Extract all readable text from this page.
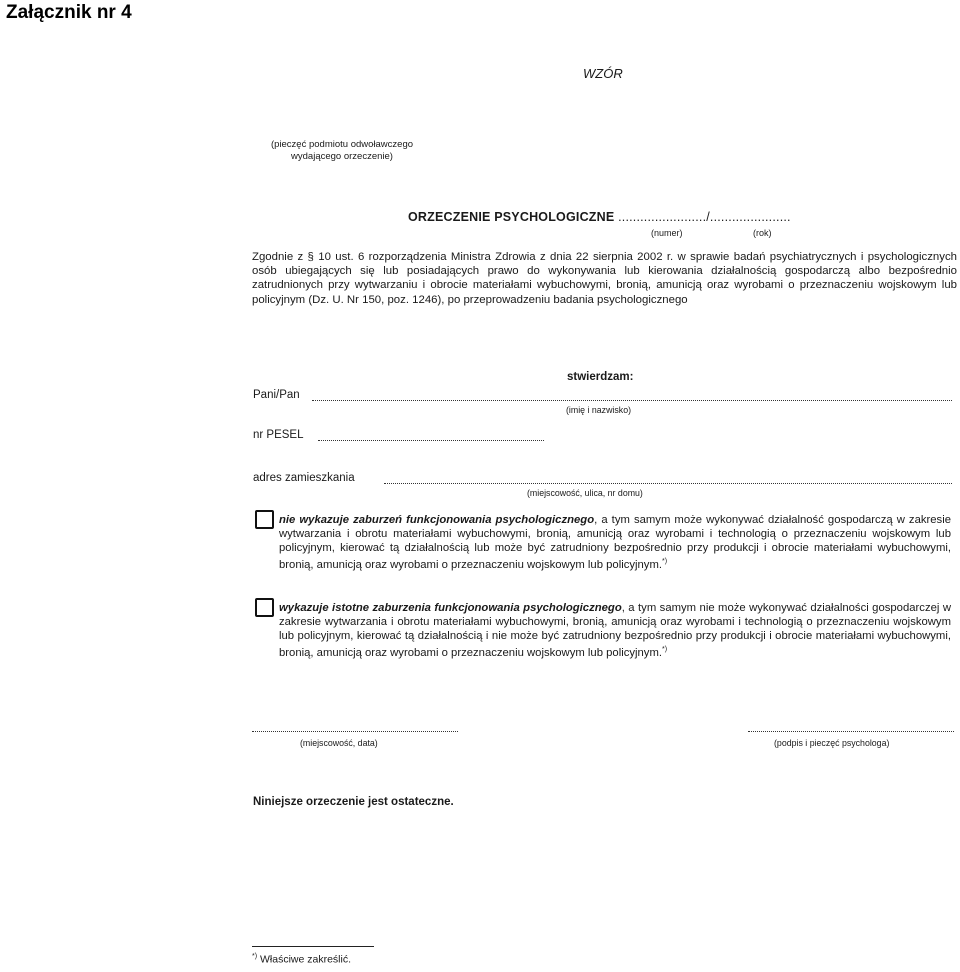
Załącznik nr 4
WZÓR
(pieczęć podmiotu odwoławczego
wydającego orzeczenie)
ORZECZENIE PSYCHOLOGICZNE ......................../......................
(numer)	(rok)
Zgodnie z § 10 ust. 6 rozporządzenia Ministra Zdrowia z dnia 22 sierpnia 2002 r. w sprawie badań psychiatrycznych i psychologicznych osób ubiegających się lub posiadających prawo do wykonywania lub kierowania działalnością gospodarczą albo bezpośrednio zatrudnionych przy wytwarzaniu i obrocie materiałami wybuchowymi, bronią, amunicją oraz wyrobami o przeznaczeniu wojskowym lub policyjnym (Dz. U. Nr 150, poz. 1246), po przeprowadzeniu badania psychologicznego
stwierdzam:
Pani/Pan
(imię i nazwisko)
nr PESEL
adres zamieszkania
(miejscowość, ulica, nr domu)
nie wykazuje zaburzeń funkcjonowania psychologicznego, a tym samym może wykonywać działalność gospodarczą w zakresie wytwarzania i obrotu materiałami wybuchowymi, bronią, amunicją oraz wyrobami i technologią o przeznaczeniu wojskowym lub policyjnym, kierować tą działalnością lub może być zatrudniony bezpośrednio przy produkcji i obrocie materiałami wybuchowymi, bronią, amunicją oraz wyrobami o przeznaczeniu wojskowym lub policyjnym.*)
wykazuje istotne zaburzenia funkcjonowania psychologicznego, a tym samym nie może wykonywać działalności gospodarczej w zakresie wytwarzania i obrotu materiałami wybuchowymi, bronią, amunicją oraz wyrobami i technologią o przeznaczeniu wojskowym lub policyjnym, kierować tą działalnością i nie może być zatrudniony bezpośrednio przy produkcji i obrocie materiałami wybuchowymi, bronią, amunicją oraz wyrobami o przeznaczeniu wojskowym lub policyjnym.*)
(miejscowość, data)	(podpis i pieczęć psychologa)
Niniejsze orzeczenie jest ostateczne.
*) Właściwe zakreślić.
